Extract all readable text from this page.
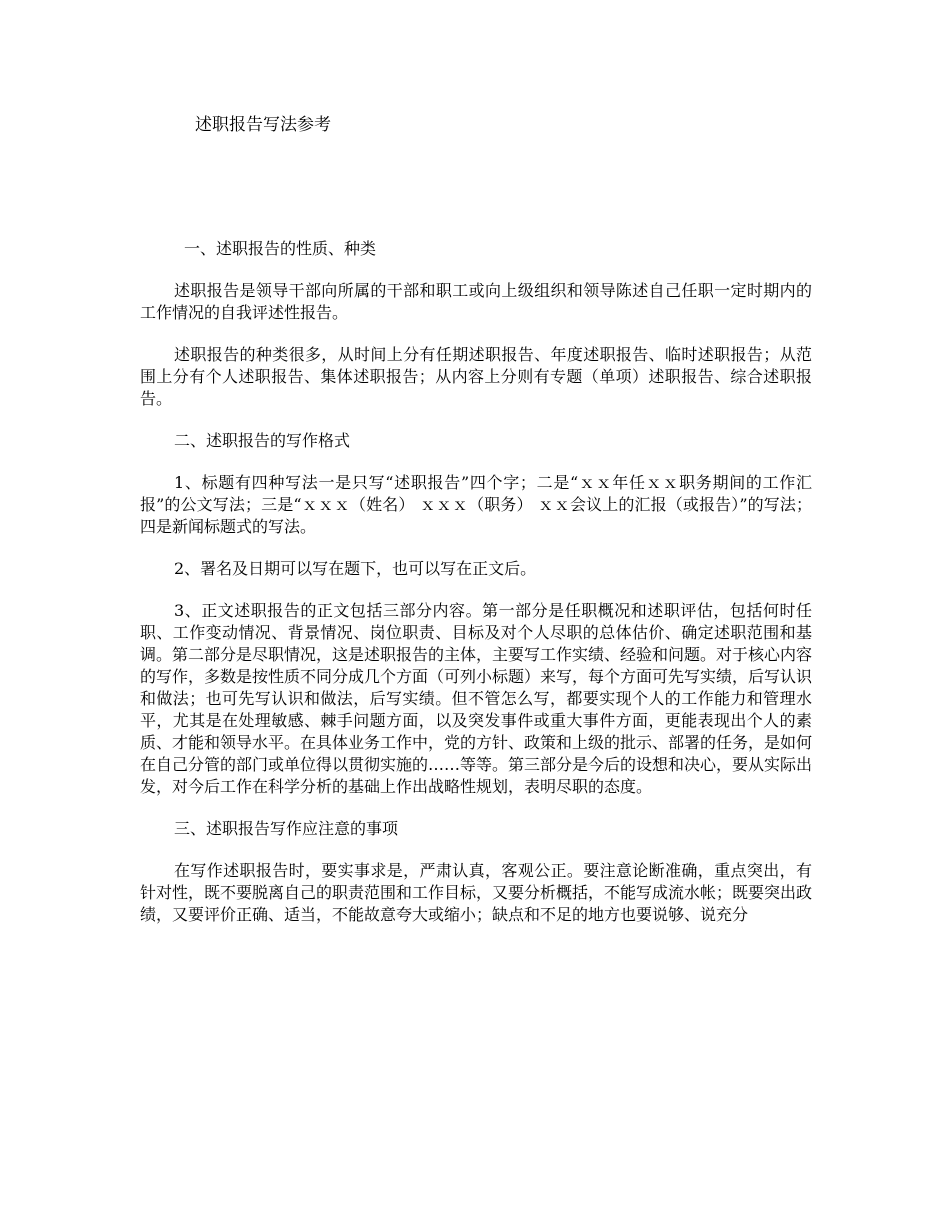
述职报告写法参考
一、述职报告的性质、种类

述职报告是领导干部向所属的干部和职工或向上级组织和领导陈述自己任职一定时期内的工作情况的自我评述性报告。

述职报告的种类很多，从时间上分有任期述职报告、年度述职报告、临时述职报告；从范围上分有个人述职报告、集体述职报告；从内容上分则有专题（单项）述职报告、综合述职报告。

二、述职报告的写作格式

1、标题有四种写法一是只写“述职报告”四个字；二是“ｘｘ年任ｘｘ职务期间的工作汇报”的公文写法；三是“ｘｘｘ（姓名） ｘｘｘ（职务） ｘｘ会议上的汇报（或报告）”的写法；四是新闻标题式的写法。

2、署名及日期可以写在题下，也可以写在正文后。

3、正文述职报告的正文包括三部分内容。第一部分是任职概况和述职评估，包括何时任职、工作变动情况、背景情况、岗位职责、目标及对个人尽职的总体估价、确定述职范围和基调。第二部分是尽职情况，这是述职报告的主体，主要写工作实绩、经验和问题。对于核心内容的写作，多数是按性质不同分成几个方面（可列小标题）来写，每个方面可先写实绩，后写认识和做法；也可先写认识和做法，后写实绩。但不管怎么写，都要实现个人的工作能力和管理水平，尤其是在处理敏感、棘手问题方面，以及突发事件或重大事件方面，更能表现出个人的素质、才能和领导水平。在具体业务工作中，党的方针、政策和上级的批示、部署的任务，是如何在自己分管的部门或单位得以贯彻实施的……等等。第三部分是今后的设想和决心，要从实际出发，对今后工作在科学分析的基础上作出战略性规划，表明尽职的态度。

三、述职报告写作应注意的事项

在写作述职报告时，要实事求是，严肃认真，客观公正。要注意论断准确，重点突出，有针对性，既不要脱离自己的职责范围和工作目标，又要分析概括，不能写成流水帐；既要突出政绩，又要评价正确、适当，不能故意夸大或缩小；缺点和不足的地方也要说够、说充分
